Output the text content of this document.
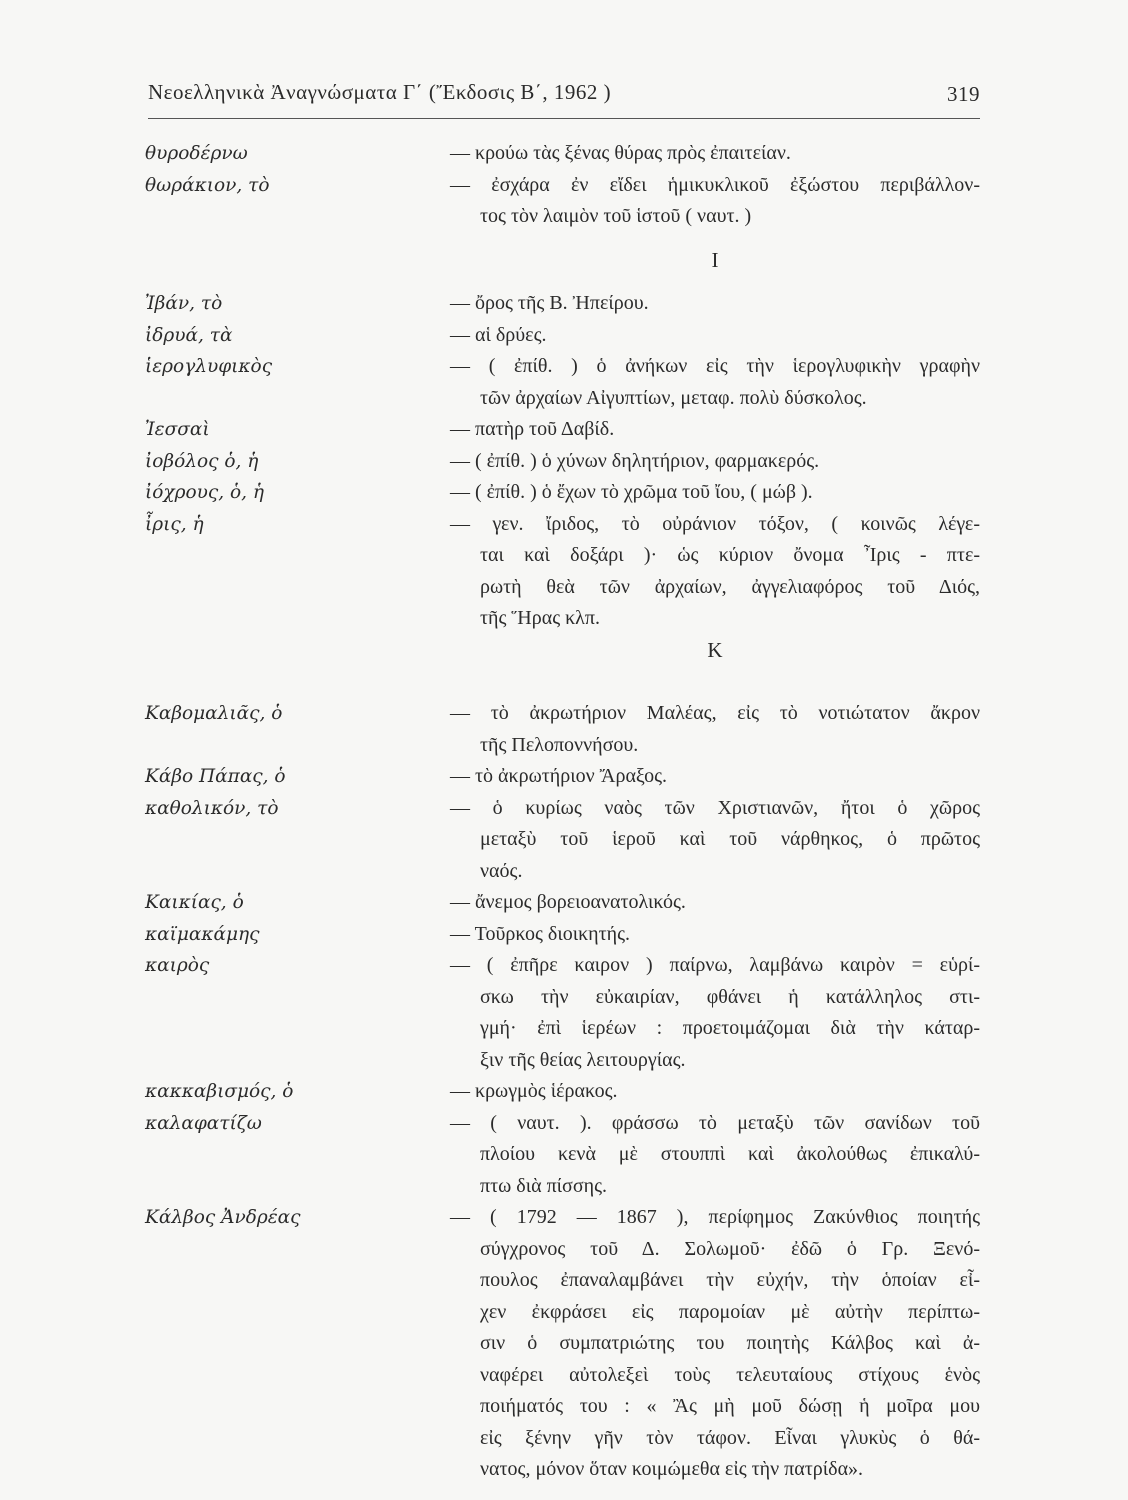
Νεοελληνικὰ Ἀναγνώσματα Γ΄ (Ἔκδοσις Β΄, 1962 )	319
θυροδέρνω	— κρούω τὰς ξένας θύρας πρὸς ἐπαιτείαν.
θωράκιον, τὸ	— ἐσχάρα ἐν εἴδει ἡμικυκλικοῦ ἐξώστου περιβάλλον-
τος τὸν λαιμὸν τοῦ ἱστοῦ ( ναυτ. )
I
Ἰβάν, τὸ	— ὄρος τῆς Β. Ἠπείρου.
ἰδρυά, τὰ	— αἱ δρύες.
ἱερογλυφικὸς	— ( ἐπίθ. ) ὁ ἀνήκων εἰς τὴν ἱερογλυφικὴν γραφὴν
τῶν ἀρχαίων Αἰγυπτίων, μεταφ. πολὺ δύσκολος.
Ἰεσσαὶ	— πατὴρ τοῦ Δαβίδ.
ἰοβόλος ὁ, ἡ	— ( ἐπίθ. ) ὁ χύνων δηλητήριον, φαρμακερός.
ἰόχρους, ὁ, ἡ	— ( ἐπίθ. ) ὁ ἔχων τὸ χρῶμα τοῦ ἴου, ( μώβ ).
ἶρις, ἡ	— γεν. ἴριδος, τὸ οὐράνιον τόξον, ( κοινῶς λέγε-
ται καὶ δοξάρι )· ὡς κύριον ὄνομα Ἶρις - πτε-
ρωτὴ θεὰ τῶν ἀρχαίων, ἀγγελιαφόρος τοῦ Διός,
τῆς Ἥρας κλπ.
K
Καβομαλιᾶς, ὁ	— τὸ ἀκρωτήριον Μαλέας, εἰς τὸ νοτιώτατον ἄκρον
τῆς Πελοποννήσου.
Κάβο Πάπας, ὁ	— τὸ ἀκρωτήριον Ἄραξος.
καθολικόν, τὸ	— ὁ κυρίως ναὸς τῶν Χριστιανῶν, ἤτοι ὁ χῶρος
μεταξὺ τοῦ ἱεροῦ καὶ τοῦ νάρθηκος, ὁ πρῶτος
ναός.
Καικίας, ὁ	— ἄνεμος βορειοανατολικός.
καϊμακάμης	— Τοῦρκος διοικητής.
καιρὸς	— ( ἐπῆρε καιρον ) παίρνω, λαμβάνω καιρὸν = εὑρί-
σκω τὴν εὐκαιρίαν, φθάνει ἡ κατάλληλος στι-
γμή· ἐπὶ ἱερέων : προετοιμάζομαι διὰ τὴν κάταρ-
ξιν τῆς θείας λειτουργίας.
κακκαβισμός, ὁ	— κρωγμὸς ἱέρακος.
καλαφατίζω	— ( ναυτ. ). φράσσω τὸ μεταξὺ τῶν σανίδων τοῦ
πλοίου κενὰ μὲ στουππὶ καὶ ἀκολούθως ἐπικαλύ-
πτω διὰ πίσσης.
Κάλβος Ἀνδρέας	— ( 1792 — 1867 ), περίφημος Ζακύνθιος ποιητής
σύγχρονος τοῦ Δ. Σολωμοῦ· ἐδῶ ὁ Γρ. Ξενό-
πουλος ἐπαναλαμβάνει τὴν εὐχήν, τὴν ὁποίαν εἶ-
χεν ἐκφράσει εἰς παρομοίαν μὲ αὐτὴν περίπτω-
σιν ὁ συμπατριώτης του ποιητὴς Κάλβος καὶ ἀ-
ναφέρει αὐτολεξεὶ τοὺς τελευταίους στίχους ἑνὸς
ποιήματός του : « Ἂς μὴ μοῦ δώσῃ ἡ μοῖρα μου
εἰς ξένην γῆν τὸν τάφον. Εἶναι γλυκὺς ὁ θά-
νατος, μόνον ὅταν κοιμώμεθα εἰς τὴν πατρίδα».
